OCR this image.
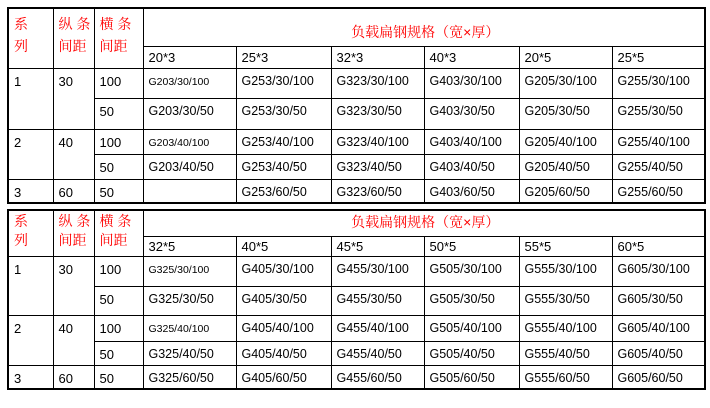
系
列

纵 条
间距

横 条
间距
	负载扁钢规格（宽×厚）
			20*3	25*3	32*3	40*3	20*5	25*5
1	30	100	G203/30/100	G253/30/100	G323/30/100	G403/30/100	G205/30/100	G255/30/100
		50	G203/30/50	G253/30/50	G323/30/50	G403/30/50	G205/30/50	G255/30/50
2	40	100	G203/40/100	G253/40/100	G323/40/100	G403/40/100	G205/40/100	G255/40/100
		50	G203/40/50	G253/40/50	G323/40/50	G403/40/50	G205/40/50	G255/40/50
3	60	50		G253/60/50	G323/60/50	G403/60/50	G205/60/50	G255/60/50
系
列

纵 条
间距

横 条
间距
	负载扁钢规格（宽×厚）
			32*5	40*5	45*5	50*5	55*5	60*5
1	30	100	G325/30/100	G405/30/100	G455/30/100	G505/30/100	G555/30/100	G605/30/100
		50	G325/30/50	G405/30/50	G455/30/50	G505/30/50	G555/30/50	G605/30/50
2	40	100	G325/40/100	G405/40/100	G455/40/100	G505/40/100	G555/40/100	G605/40/100
		50	G325/40/50	G405/40/50	G455/40/50	G505/40/50	G555/40/50	G605/40/50
3	60	50	G325/60/50	G405/60/50	G455/60/50	G505/60/50	G555/60/50	G605/60/50
